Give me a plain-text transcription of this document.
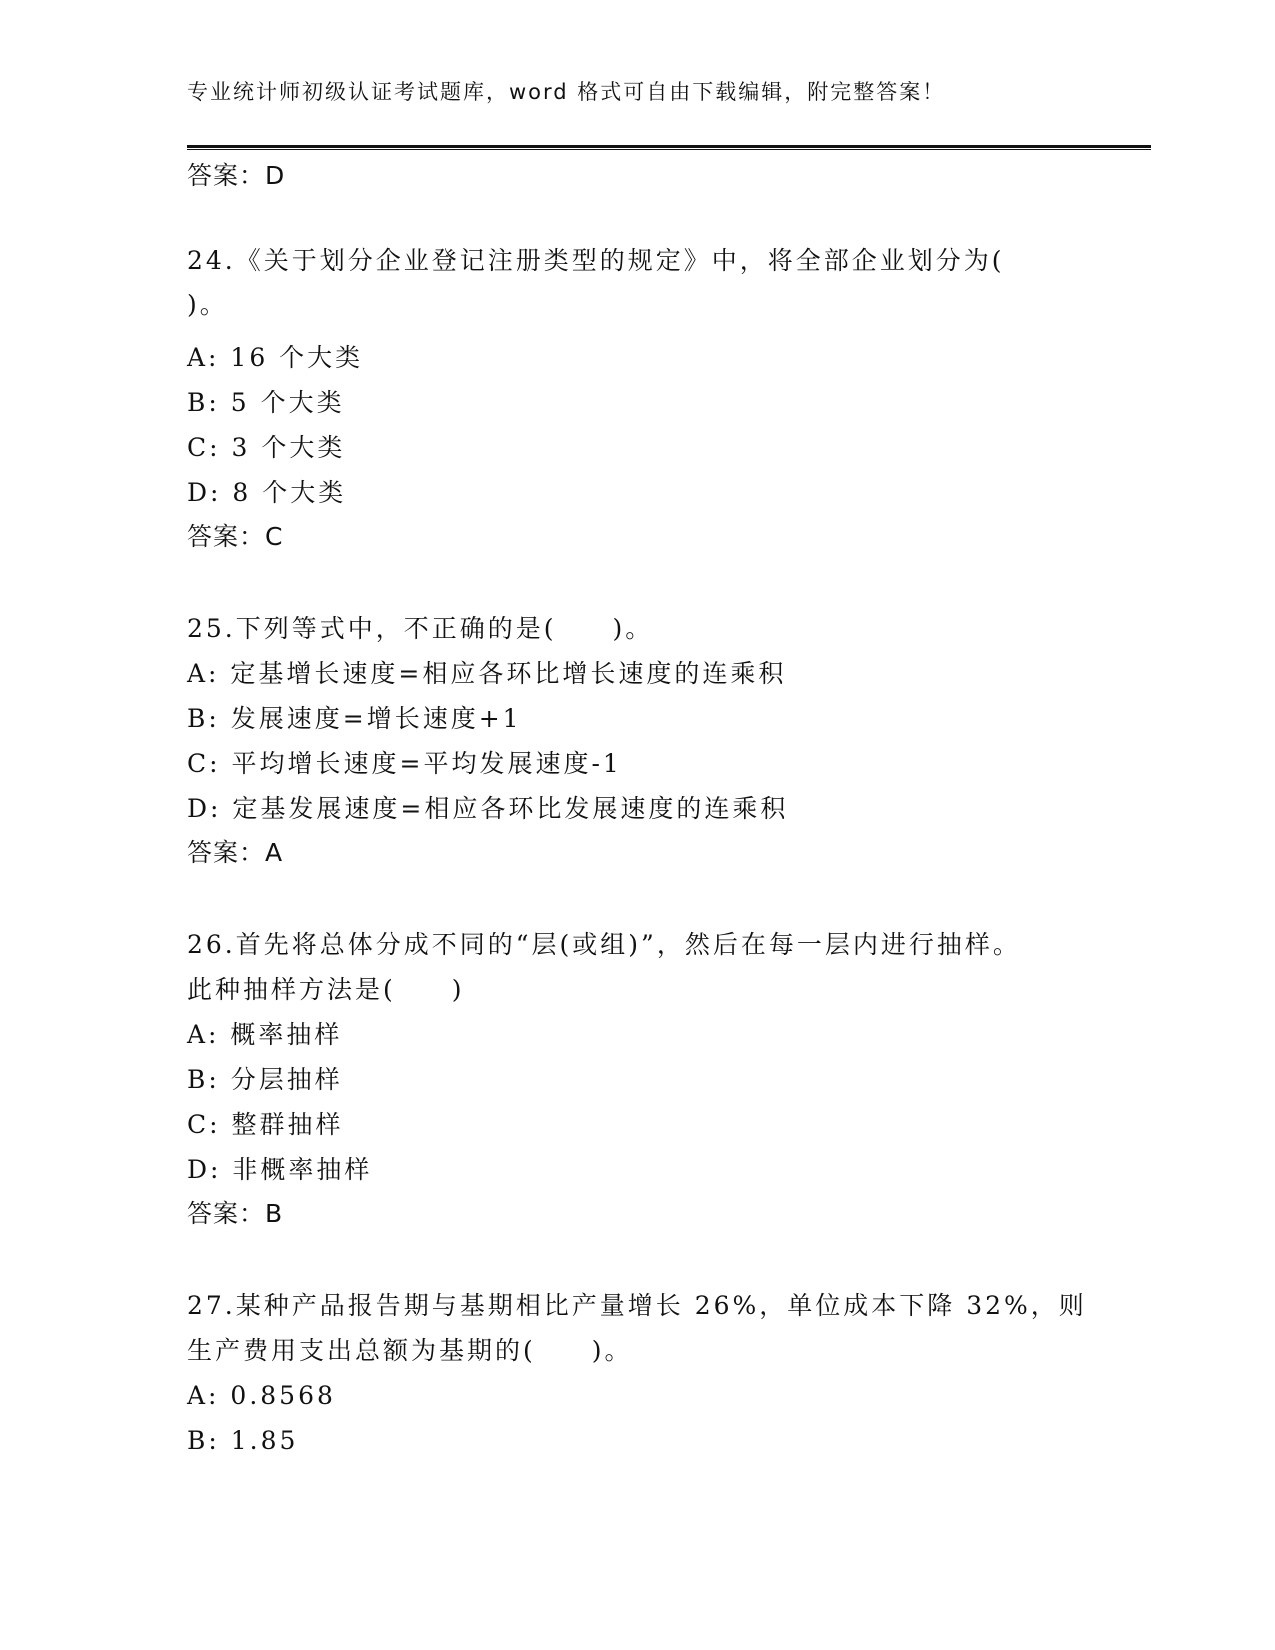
专业统计师初级认证考试题库，word 格式可自由下载编辑，附完整答案！
答案：D
24.《关于划分企业登记注册类型的规定》中，将全部企业划分为(
)。
A: 16 个大类
B: 5 个大类
C: 3 个大类
D: 8 个大类
答案：C
25.下列等式中，不正确的是(　　)。
A: 定基增长速度=相应各环比增长速度的连乘积
B: 发展速度=增长速度+1
C: 平均增长速度=平均发展速度-1
D: 定基发展速度=相应各环比发展速度的连乘积
答案：A
26.首先将总体分成不同的“层(或组)”，然后在每一层内进行抽样。
此种抽样方法是(　　)
A: 概率抽样
B: 分层抽样
C: 整群抽样
D: 非概率抽样
答案：B
27.某种产品报告期与基期相比产量增长 26%，单位成本下降 32%，则
生产费用支出总额为基期的(　　)。
A: 0.8568
B: 1.85
